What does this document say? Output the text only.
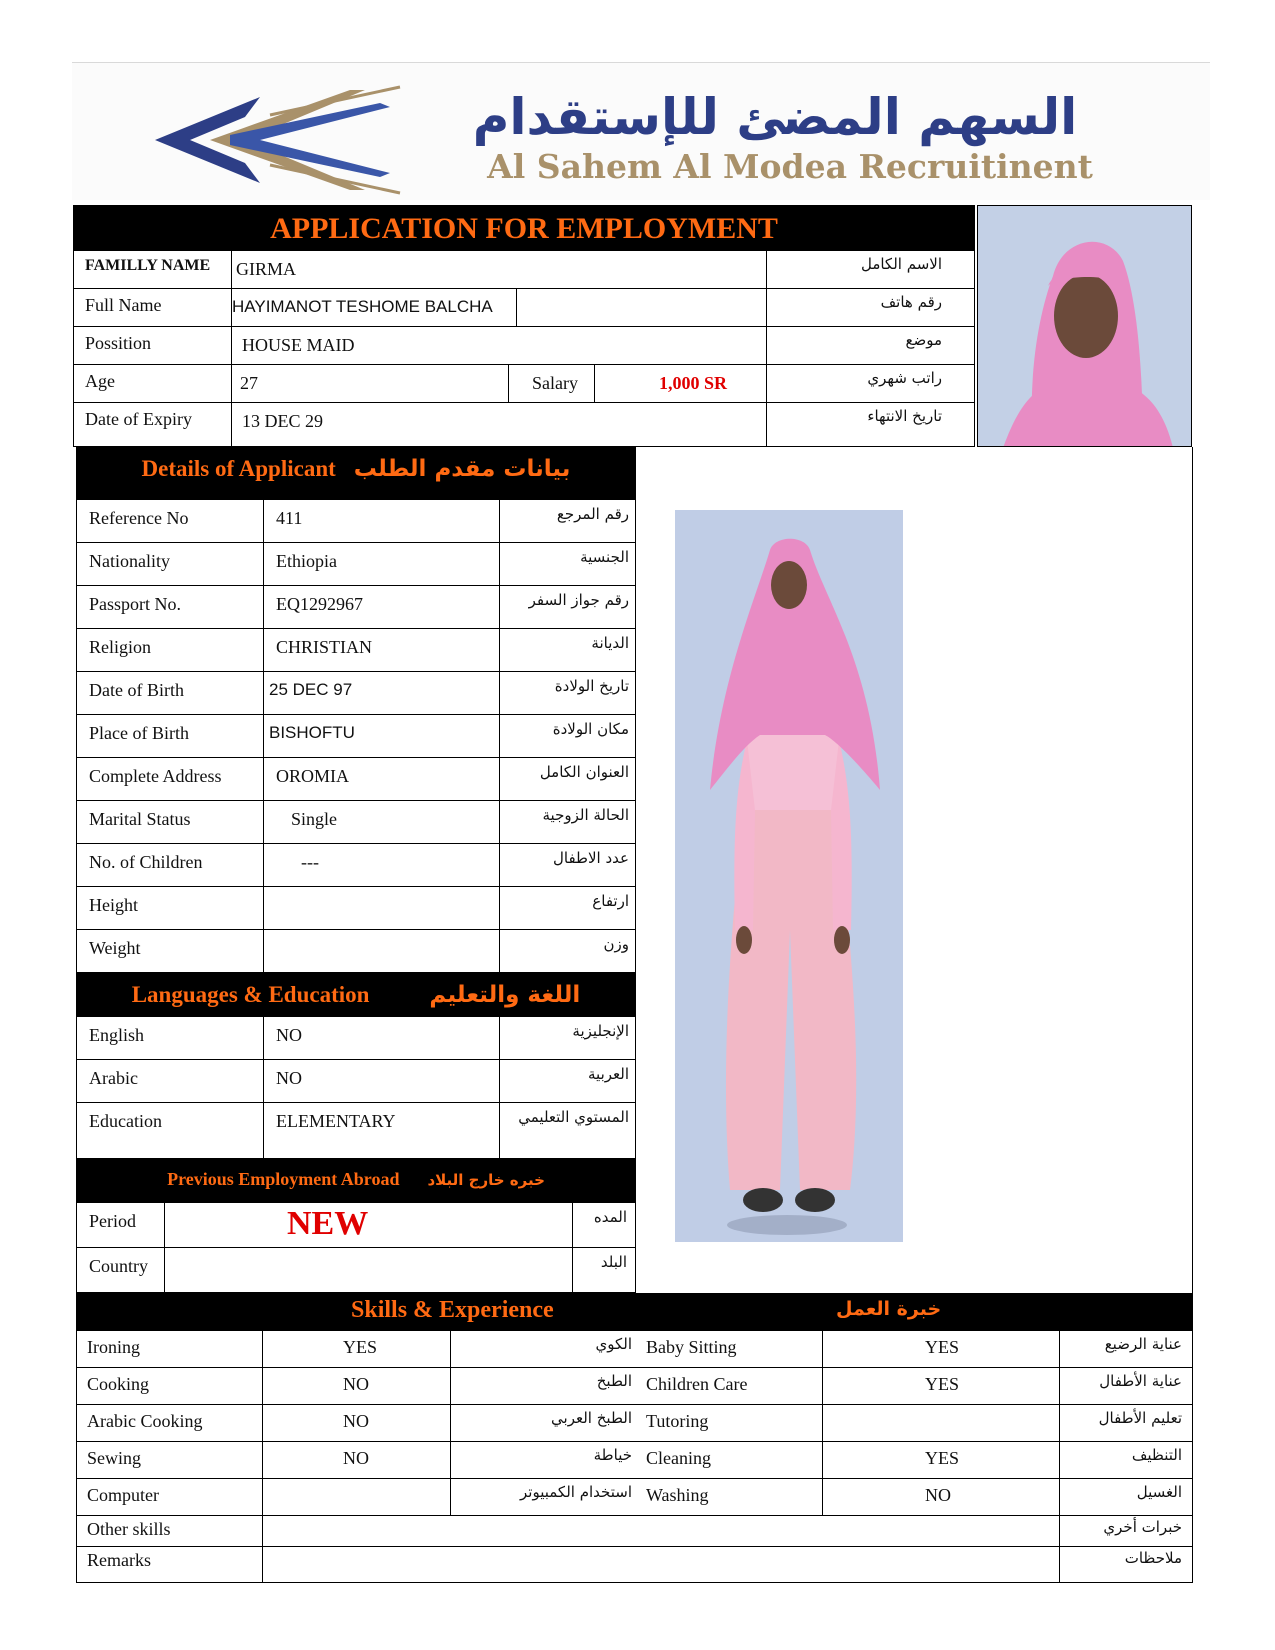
السهم المضئ للإستقدام
Al Sahem Al Modea Recruitinent
APPLICATION FOR EMPLOYMENT
FAMILLY NAME GIRMA	الاسم الكامل
Full Name	HAYIMANOT TESHOME BALCHA	رقم هاتف
Possition	HOUSE MAID	موضع
Age	27	Salary	1,000 SR	راتب شهري
Date of Expiry	13 DEC 29	تاريخ الانتهاء
Details of Applicant بيانات مقدم الطلب
Reference No	411	رقم المرجع
Nationality	Ethiopia	الجنسية
Passport No.	EQ1292967	رقم جواز السفر
Religion	CHRISTIAN	الديانة
Date of Birth	25 DEC 97	تاريخ الولادة
Place of Birth	BISHOFTU	مكان الولادة
Complete Address	OROMIA	العنوان الكامل
Marital Status	Single	الحالة الزوجية
No. of Children	---	عدد الاطفال
Height	ارتفاع
Weight	وزن
Languages & Education	اللغة والتعليم
English	NO	الإنجليزية
Arabic	NO	العربية
Education	ELEMENTARY	المستوي التعليمي
Previous Employment Abroad خبره خارج البلاد
Period	NEW	المده
Country	البلد
Skills & Experience	خبرة العمل
Ironing	YES	الكوي Baby Sitting	YES	عناية الرضيع
Cooking	NO	الطبخ Children Care	YES	عناية الأطفال
Arabic Cooking	NO	الطبخ العربي Tutoring	تعليم الأطفال
Sewing	NO	خياطة Cleaning	YES	التنظيف
Computer	استخدام الكمبيوتر Washing	NO	الغسيل
Other skills	خبرات أخري
Remarks	ملاحظات
